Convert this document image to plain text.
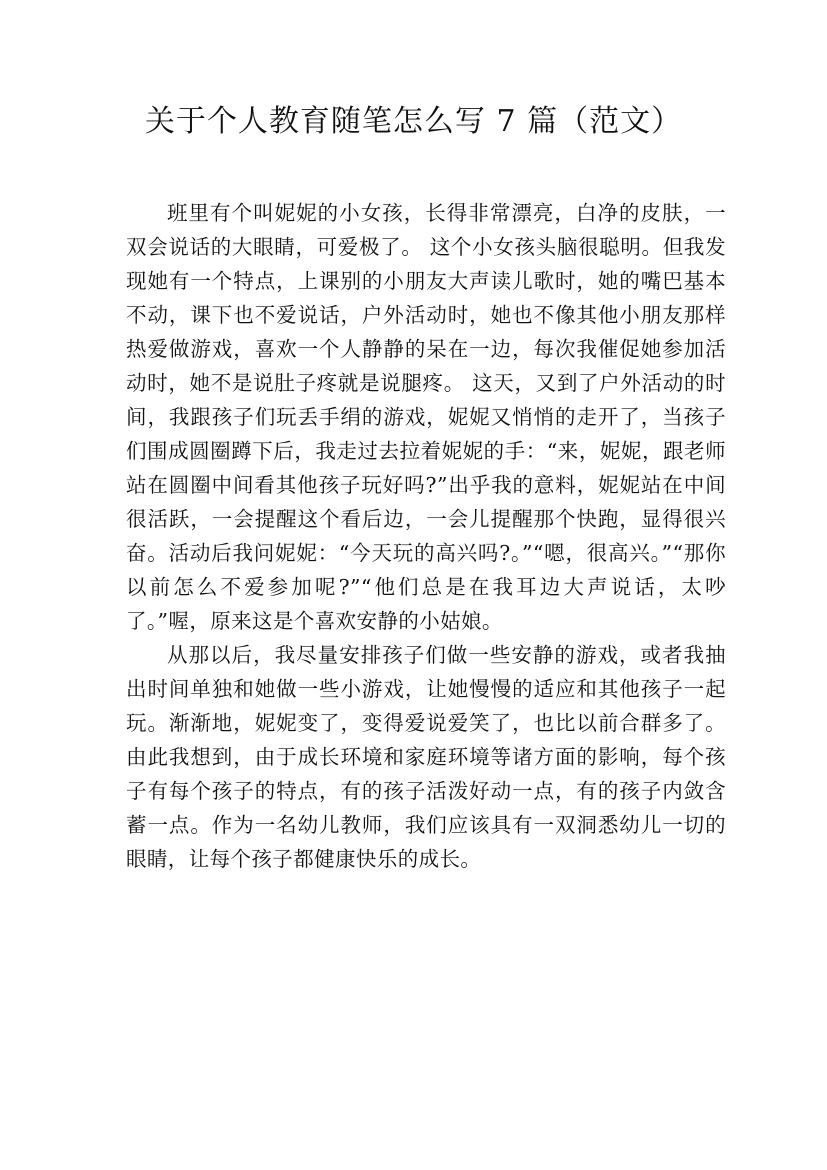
关于个人教育随笔怎么写 7 篇（范文）

班里有个叫妮妮的小女孩，长得非常漂亮，白净的皮肤，一双会说话的大眼睛，可爱极了。 这个小女孩头脑很聪明。但我发现她有一个特点，上课别的小朋友大声读儿歌时，她的嘴巴基本不动，课下也不爱说话，户外活动时，她也不像其他小朋友那样热爱做游戏，喜欢一个人静静的呆在一边，每次我催促她参加活动时，她不是说肚子疼就是说腿疼。 这天，又到了户外活动的时间，我跟孩子们玩丢手绢的游戏，妮妮又悄悄的走开了，当孩子们围成圆圈蹲下后，我走过去拉着妮妮的手：“来，妮妮，跟老师站在圆圈中间看其他孩子玩好吗?”出乎我的意料，妮妮站在中间很活跃，一会提醒这个看后边，一会儿提醒那个快跑，显得很兴奋。活动后我问妮妮：“今天玩的高兴吗?。”“嗯，很高兴。”“那你以前怎么不爱参加呢?”“他们总是在我耳边大声说话，太吵了。”喔，原来这是个喜欢安静的小姑娘。

从那以后，我尽量安排孩子们做一些安静的游戏，或者我抽出时间单独和她做一些小游戏，让她慢慢的适应和其他孩子一起玩。渐渐地，妮妮变了，变得爱说爱笑了，也比以前合群多了。 由此我想到，由于成长环境和家庭环境等诸方面的影响，每个孩子有每个孩子的特点，有的孩子活泼好动一点，有的孩子内敛含蓄一点。作为一名幼儿教师，我们应该具有一双洞悉幼儿一切的眼睛，让每个孩子都健康快乐的成长。
